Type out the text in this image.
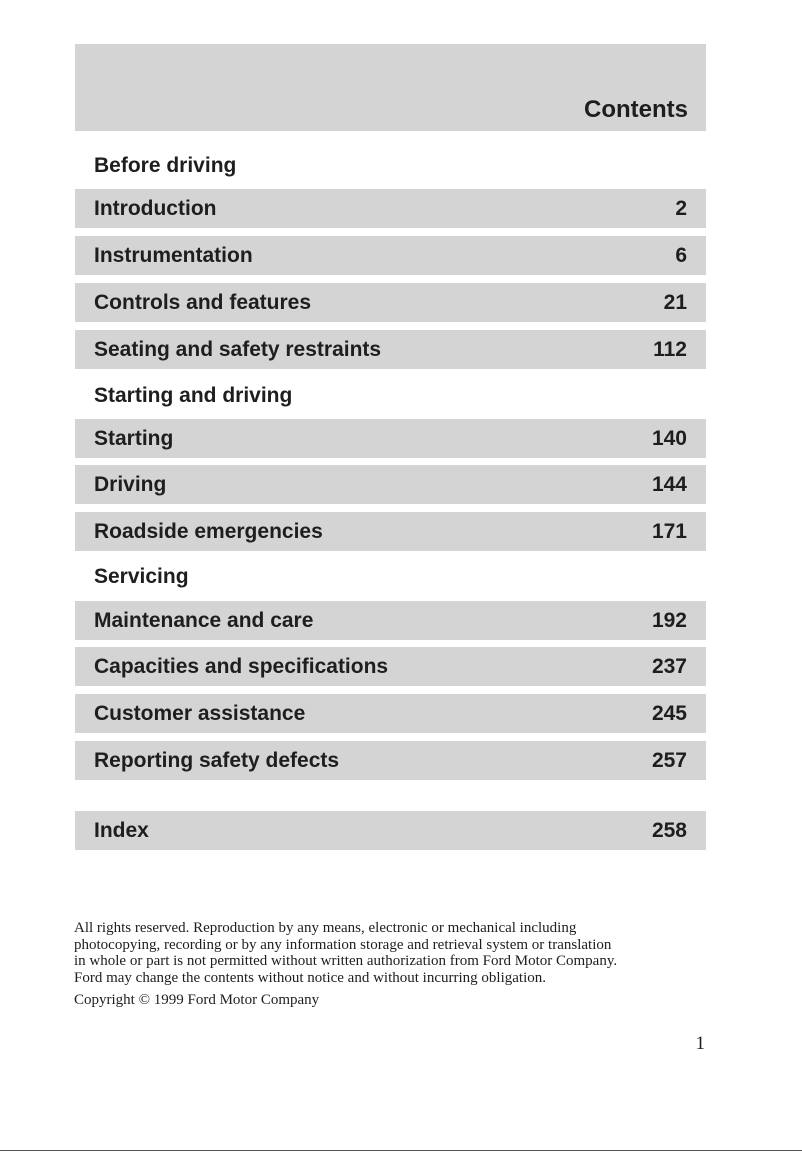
Contents
Before driving
Introduction	2
Instrumentation	6
Controls and features	21
Seating and safety restraints	112
Starting and driving
Starting	140
Driving	144
Roadside emergencies	171
Servicing
Maintenance and care	192
Capacities and specifications	237
Customer assistance	245
Reporting safety defects	257
Index	258

All rights reserved. Reproduction by any means, electronic or mechanical including

photocopying, recording or by any information storage and retrieval system or translation

in whole or part is not permitted without written authorization from Ford Motor Company.

Ford may change the contents without notice and without incurring obligation.

Copyright © 1999 Ford Motor Company
1
